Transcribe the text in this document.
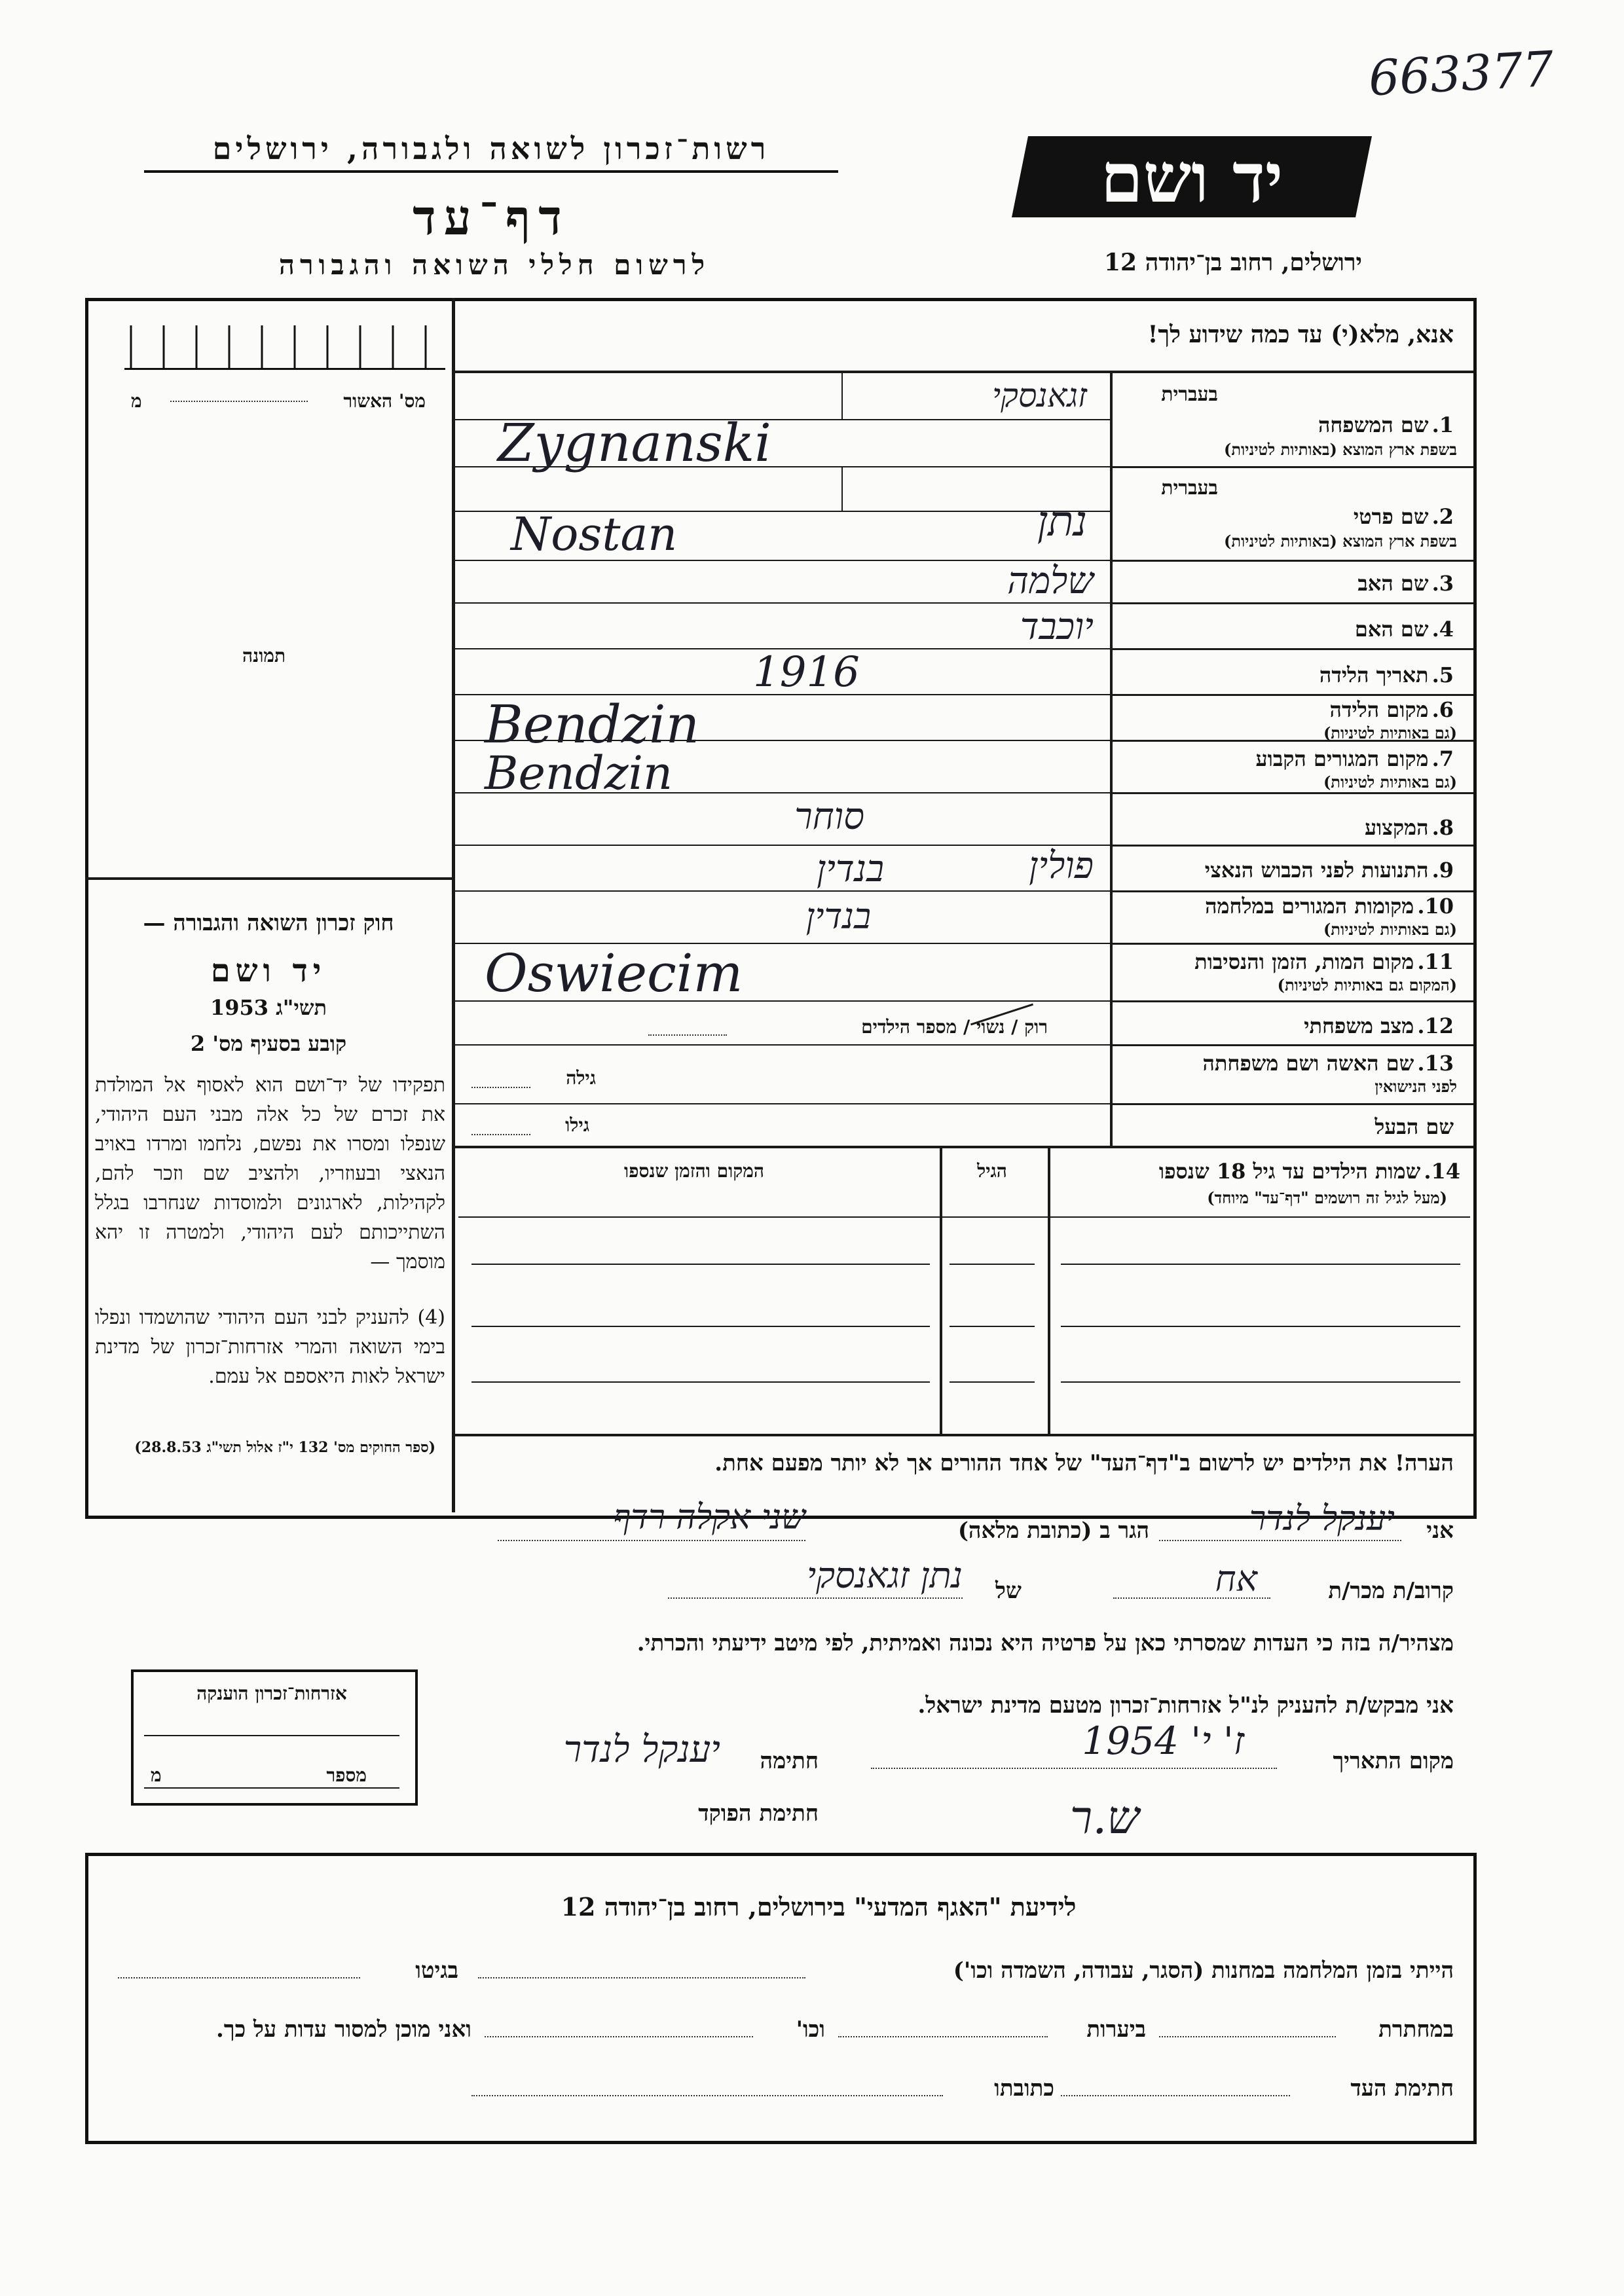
663377
רשות־זכרון לשואה ולגבורה, ירושלים
דף־עד
לרשום חללי השואה והגבורה
יד ושם
ירושלים, רחוב בן־יהודה 12
אנא, מלא(י) עד כמה שידוע לך!
מס' האשור
מ
תמונה
חוק זכרון השואה והגבורה —
יד ושם
תשי"ג 1953
קובע בסעיף מס' 2
תפקידו של יד־ושם הוא לאסוף אל המולדת את זכרם של כל אלה מבני העם היהודי, שנפלו ומסרו את נפשם, נלחמו ומרדו באויב הנאצי ובעוזריו, ולהציב שם וזכר להם, לקהילות, לארגונים ולמוסדות שנחרבו בגלל השתייכותם לעם היהודי, ולמטרה זו יהא מוסמך —
(4) להעניק לבני העם היהודי שהושמדו ונפלו בימי השואה והמרי אזרחות־זכרון של מדינת ישראל לאות היאספם אל עמם.
(ספר החוקים מס' 132 י"ז אלול תשי"ג 28.8.53)
בעברית
בעברית
1. שם המשפחה
בשפת ארץ המוצא (באותיות לטיניות)
זגאנסקי
Zygnanski
2. שם פרטי
בשפת ארץ המוצא (באותיות לטיניות)
נתן
Nostan
3. שם האב
שלמה
4. שם האם
יוכבד
5. תאריך הלידה
1916
6. מקום הלידה
(גם באותיות לטיניות)
Bendzin
7. מקום המגורים הקבוע
(גם באותיות לטיניות)
Bendzin
8. המקצוע
סוחר
9. התנועות לפני הכבוש הנאצי
פולין
בנדין
10. מקומות המגורים במלחמה
(גם באותיות לטיניות)
בנדין
11. מקום המות, הזמן והנסיבות
(המקום גם באותיות לטיניות)
Oswiecim
12. מצב משפחתי
רוק / נשוי / מספר הילדים
13. שם האשה ושם משפחתה
לפני הנישואין
גילה
שם הבעל
גילו
14. שמות הילדים עד גיל 18 שנספו
(מעל לגיל זה רושמים "דף־עד" מיוחד)
הגיל
המקום והזמן שנספו
הערה! את הילדים יש לרשום ב"דף־העד" של אחד ההורים אך לא יותר מפעם אחת.
אני
יענקל לנדר
הגר ב (כתובת מלאה)
שני אקלה רדף
קרוב/ת מכר/ת
אח
של
נתן זגאנסקי
מצהיר/ה בזה כי העדות שמסרתי כאן על פרטיה היא נכונה ואמיתית, לפי מיטב ידיעתי והכרתי.
אני מבקש/ת להעניק לנ"ל אזרחות־זכרון מטעם מדינת ישראל.
מקום התאריך
ז' י' 1954
חתימה
יענקל לנדר
חתימת הפוקד	ש.ר
אזרחות־זכרון הוענקה
מספר
מ
לידיעת "האגף המדעי" בירושלים, רחוב בן־יהודה 12
הייתי בזמן המלחמה במחנות (הסגר, עבודה, השמדה וכו')
בגיטו
במחתרת
ביערות
וכו'
ואני מוכן למסור עדות על כך.
חתימת העד
כתובתו
